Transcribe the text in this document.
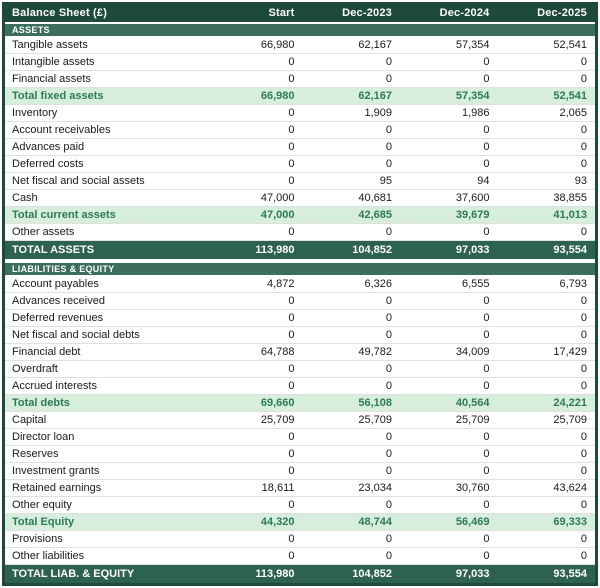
Balance Sheet (£)	Start	Dec-2023	Dec-2024	Dec-2025
ASSETS				
Tangible assets	66,980	62,167	57,354	52,541
Intangible assets	0	0	0	0
Financial assets	0	0	0	0
Total fixed assets	66,980	62,167	57,354	52,541
Inventory	0	1,909	1,986	2,065
Account receivables	0	0	0	0
Advances paid	0	0	0	0
Deferred costs	0	0	0	0
Net fiscal and social assets	0	95	94	93
Cash	47,000	40,681	37,600	38,855
Total current assets	47,000	42,685	39,679	41,013
Other assets	0	0	0	0
TOTAL ASSETS	113,980	104,852	97,033	93,554

LIABILITIES & EQUITY				
Account payables	4,872	6,326	6,555	6,793
Advances received	0	0	0	0
Deferred revenues	0	0	0	0
Net fiscal and social debts	0	0	0	0
Financial debt	64,788	49,782	34,009	17,429
Overdraft	0	0	0	0
Accrued interests	0	0	0	0
Total debts	69,660	56,108	40,564	24,221
Capital	25,709	25,709	25,709	25,709
Director loan	0	0	0	0
Reserves	0	0	0	0
Investment grants	0	0	0	0
Retained earnings	18,611	23,034	30,760	43,624
Other equity	0	0	0	0
Total Equity	44,320	48,744	56,469	69,333
Provisions	0	0	0	0
Other liabilities	0	0	0	0
TOTAL LIAB. & EQUITY	113,980	104,852	97,033	93,554
